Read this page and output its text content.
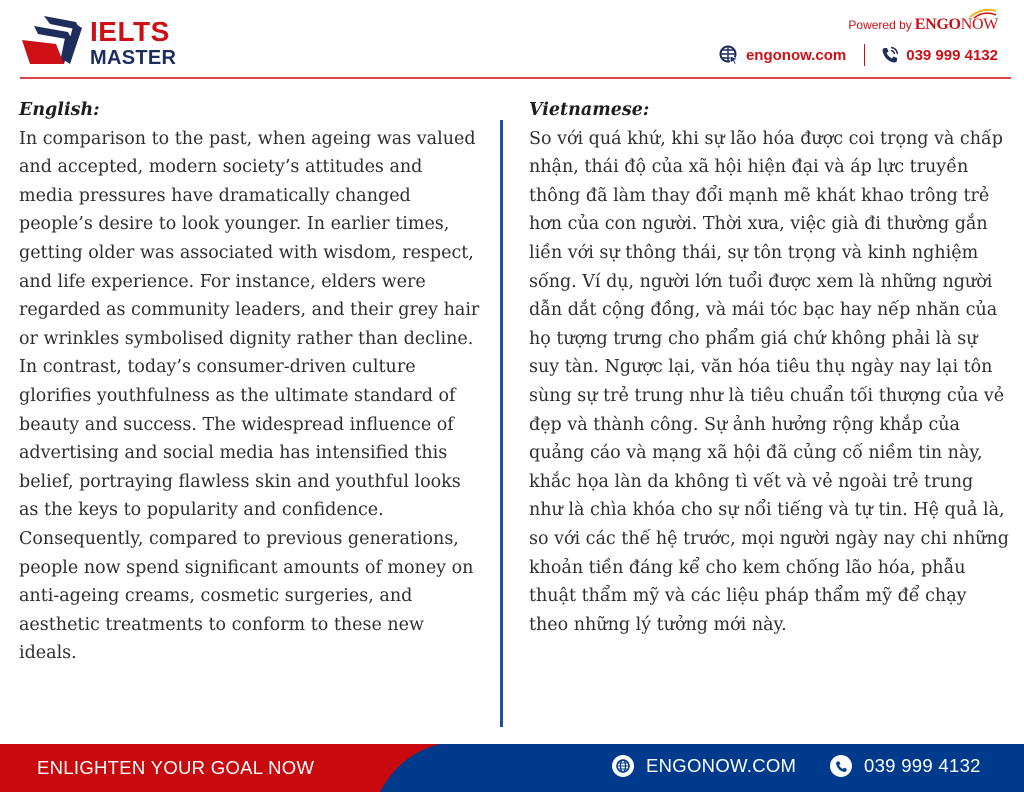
IELTS
MASTER
Powered by ENGONOW
engonow.com	039 999 4132
English:
In comparison to the past, when ageing was valued and accepted, modern society’s attitudes and media pressures have dramatically changed people’s desire to look younger. In earlier times, getting older was associated with wisdom, respect, and life experience. For instance, elders were regarded as community leaders, and their grey hair or wrinkles symbolised dignity rather than decline. In contrast, today’s consumer-driven culture glorifies youthfulness as the ultimate standard of beauty and success. The widespread influence of advertising and social media has intensified this belief, portraying flawless skin and youthful looks as the keys to popularity and confidence. Consequently, compared to previous generations, people now spend significant amounts of money on anti-ageing creams, cosmetic surgeries, and aesthetic treatments to conform to these new ideals.
Vietnamese:
So với quá khứ, khi sự lão hóa được coi trọng và chấp nhận, thái độ của xã hội hiện đại và áp lực truyền thông đã làm thay đổi mạnh mẽ khát khao trông trẻ hơn của con người. Thời xưa, việc già đi thường gắn liền với sự thông thái, sự tôn trọng và kinh nghiệm sống. Ví dụ, người lớn tuổi được xem là những người dẫn dắt cộng đồng, và mái tóc bạc hay nếp nhăn của họ tượng trưng cho phẩm giá chứ không phải là sự suy tàn. Ngược lại, văn hóa tiêu thụ ngày nay lại tôn sùng sự trẻ trung như là tiêu chuẩn tối thượng của vẻ đẹp và thành công. Sự ảnh hưởng rộng khắp của quảng cáo và mạng xã hội đã củng cố niềm tin này, khắc họa làn da không tì vết và vẻ ngoài trẻ trung như là chìa khóa cho sự nổi tiếng và tự tin. Hệ quả là, so với các thế hệ trước, mọi người ngày nay chi những khoản tiền đáng kể cho kem chống lão hóa, phẫu thuật thẩm mỹ và các liệu pháp thẩm mỹ để chạy theo những lý tưởng mới này.
ENLIGHTEN YOUR GOAL NOW	ENGONOW.COM	039 999 4132
